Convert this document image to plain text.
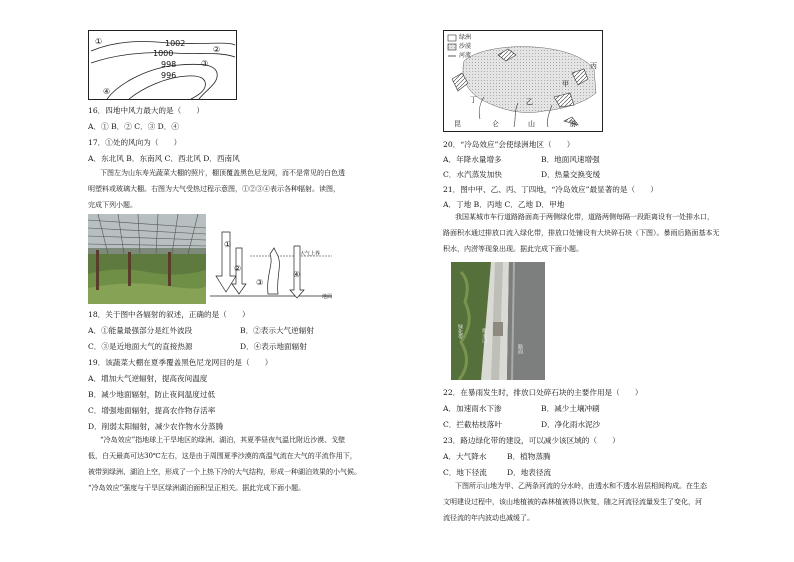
①
②
③
④
1002
1000
998
996
16．四地中风力最大的是（　　）
A．① B．② C．③ D．④
17．①处的风向为（　　）
A．东北风 B．东南风 C．西北风 D．西南风
下图左为山东寿光蔬菜大棚的照片，棚顶覆盖黑色尼龙网，而不是常见的白色透
明塑料或玻璃大棚。右图为大气受热过程示意图，①②③④表示各种辐射。读图，
完成下列小题。
①
②
③
④
大气上界
地面
18．关于图中各辐射的叙述，正确的是（　　）
A．①能量最强部分是红外波段	B．②表示大气逆辐射
C．③是近地面大气的直接热源	D．④表示地面辐射
19．该蔬菜大棚在夏季覆盖黑色尼龙网目的是（　　）
A．增加大气逆辐射，提高夜间温度
B．减少地面辐射，防止夜间温度过低
C．增强地面辐射，提高农作物存活率
D．削弱太阳辐射，减少农作物水分蒸腾
“冷岛效应”指地球上干旱地区的绿洲、湖泊，其夏季昼夜气温比附近沙漠、戈壁
低，白天最高可达30℃左右，这是由于周围夏季沙漠的高温气流在大气的平流作用下，
被带到绿洲、湖泊上空，形成了一个上热下冷的大气结构，形成一种湖泊效果的小气候。
“冷岛效应”强度与干旱区绿洲湖泊面积呈正相关。据此完成下面小题。
绿洲
沙漠
河流
丙
甲
乙
丁
昆	仑	山	脉
20．“冷岛效应”会使绿洲地区（　　）
A．年降水量增多	B．地面风速增强
C．水汽蒸发加快	D．热量交换变缓
21．图中甲、乙、丙、丁四地，“冷岛效应”最显著的是（　　）
A．丁地 B．丙地 C．乙地 D．甲地
我国某城市车行道路路面高于两侧绿化带，道路两侧每隔一段距离设有一处排水口，
路面积水通过排放口流入绿化带，排放口处铺设有大块碎石块（下图）。暴雨后路面基本无
积水，内涝等现象出现。据此完成下面小题。
绿化带	排水口
路面
22．在暴雨发生时，排放口处碎石块的主要作用是（　　）
A．加速雨水下渗	B．减少土壤冲刷
C．拦截枯枝落叶	D．净化雨水泥沙
23．路边绿化带的建设，可以减少该区域的（　　）
A．大气降水	B．植物蒸腾
C．地下径流	D．地表径流
下图所示山地为甲、乙两条河流的分水岭，由透水和不透水岩层相间构成。在生态
文明建设过程中，该山地植被的森林植被得以恢复，随之河流径流量发生了变化，河
流径流的年内波动也减缓了。
